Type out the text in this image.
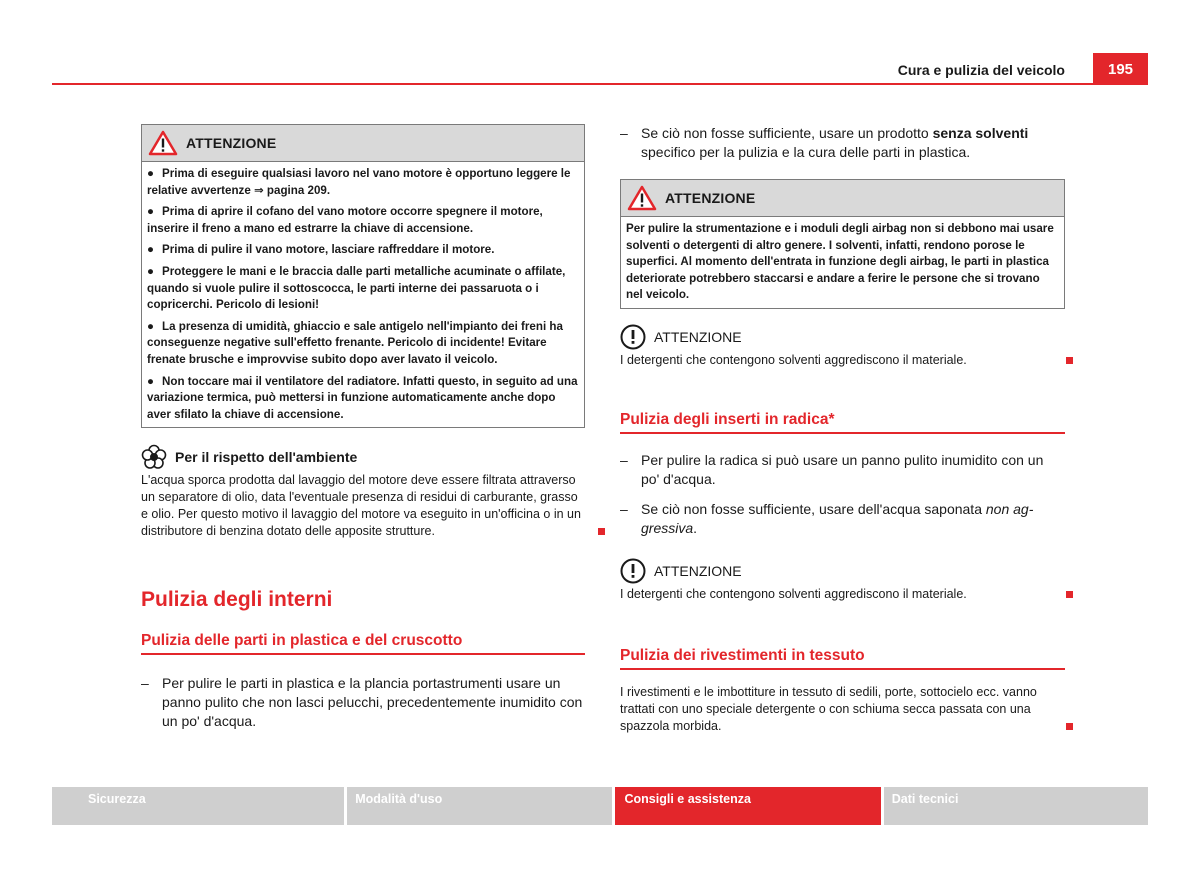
Cura e pulizia del veicolo	195
ATTENZIONE

● Prima di eseguire qualsiasi lavoro nel vano motore è opportuno leggere le relative avvertenze ⇒ pagina 209.

● Prima di aprire il cofano del vano motore occorre spegnere il motore, inserire il freno a mano ed estrarre la chiave di accensione.

● Prima di pulire il vano motore, lasciare raffreddare il motore.

● Proteggere le mani e le braccia dalle parti metalliche acuminate o affilate, quando si vuole pulire il sottoscocca, le parti interne dei passaruota o i copricerchi. Pericolo di lesioni!

● La presenza di umidità, ghiaccio e sale antigelo nell'impianto dei freni ha conseguenze negative sull'effetto frenante. Pericolo di incidente! Evitare frenate brusche e improvvise subito dopo aver lavato il veicolo.

● Non toccare mai il ventilatore del radiatore. Infatti questo, in seguito ad una variazione termica, può mettersi in funzione automaticamente anche dopo aver sfilato la chiave di accensione.

Per il rispetto dell'ambiente
L'acqua sporca prodotta dal lavaggio del motore deve essere filtrata attraverso un separatore di olio, data l'eventuale presenza di residui di carburante, grasso e olio. Per questo motivo il lavaggio del motore va eseguito in un'officina o in un distributore di benzina dotato delle apposite strutture.
Pulizia degli interni
Pulizia delle parti in plastica e del cruscotto
– Per pulire le parti in plastica e la plancia portastrumenti usare un panno pulito che non lasci pelucchi, precedentemente inumidito con un po' d'acqua.
– Se ciò non fosse sufficiente, usare un prodotto senza solventi specifico per la pulizia e la cura delle parti in plastica.
ATTENZIONE

Per pulire la strumentazione e i moduli degli airbag non si debbono mai usare solventi o detergenti di altro genere. I solventi, infatti, rendono porose le superfici. Al momento dell'entrata in funzione degli airbag, le parti in plastica deteriorate potrebbero staccarsi e andare a ferire le persone che si trovano nel veicolo.

ATTENZIONE
I detergenti che contengono solventi aggrediscono il materiale.
Pulizia degli inserti in radica*
– Per pulire la radica si può usare un panno pulito inumidito con un po' d'acqua.
– Se ciò non fosse sufficiente, usare dell'acqua saponata non aggressiva.
ATTENZIONE
I detergenti che contengono solventi aggrediscono il materiale.
Pulizia dei rivestimenti in tessuto
I rivestimenti e le imbottiture in tessuto di sedili, porte, sottocielo ecc. vanno trattati con uno speciale detergente o con schiuma secca passata con una spazzola morbida.
Sicurezza	Modalità d'uso	Consigli e assistenza	Dati tecnici
